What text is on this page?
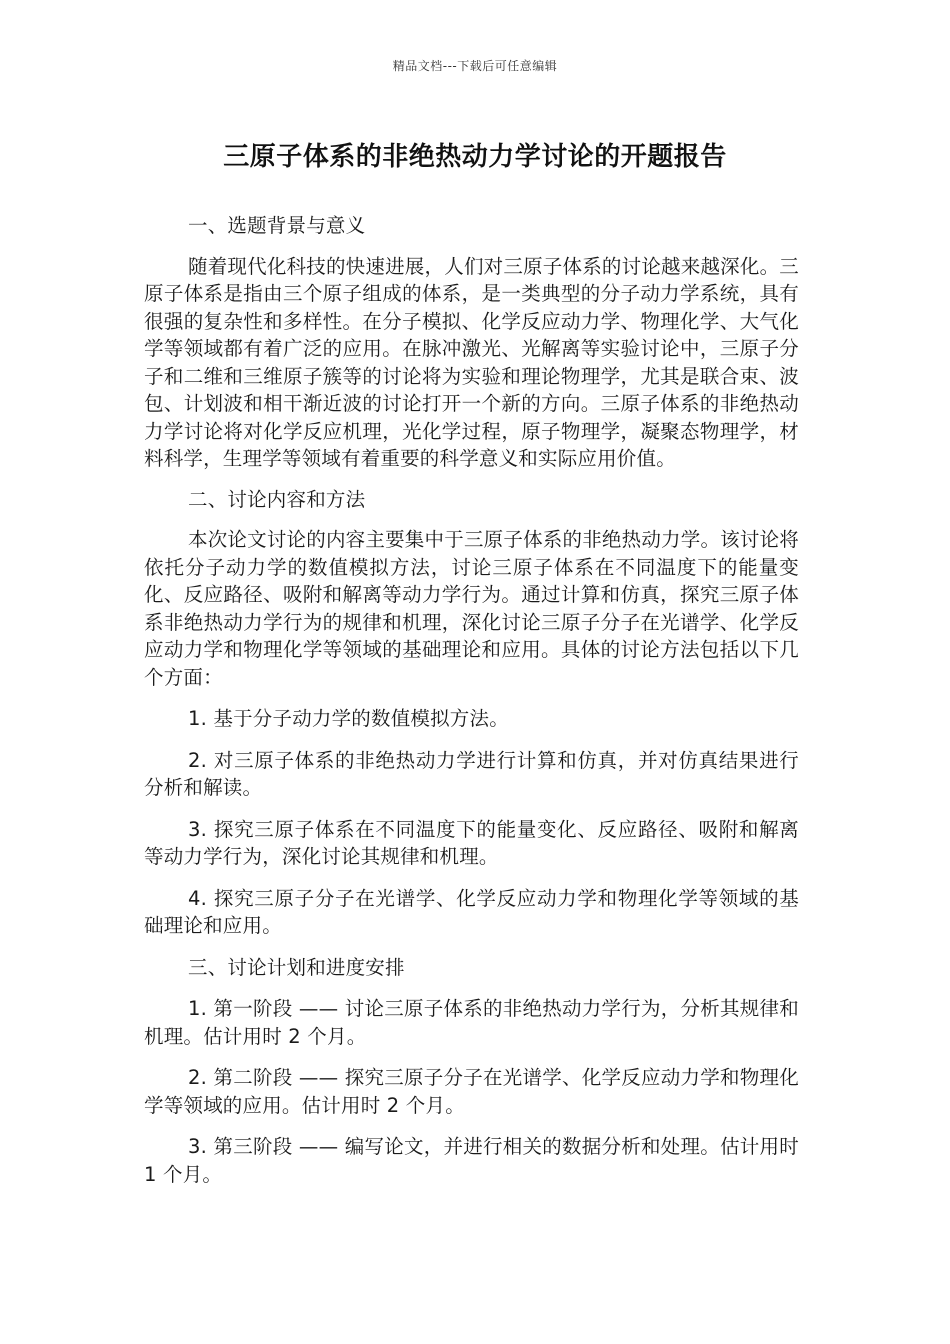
精品文档---下载后可任意编辑
三原子体系的非绝热动力学讨论的开题报告

一、选题背景与意义

随着现代化科技的快速进展，人们对三原子体系的讨论越来越深化。三原子体系是指由三个原子组成的体系，是一类典型的分子动力学系统，具有很强的复杂性和多样性。在分子模拟、化学反应动力学、物理化学、大气化学等领域都有着广泛的应用。在脉冲激光、光解离等实验讨论中，三原子分子和二维和三维原子簇等的讨论将为实验和理论物理学，尤其是联合束、波包、计划波和相干渐近波的讨论打开一个新的方向。三原子体系的非绝热动力学讨论将对化学反应机理，光化学过程，原子物理学，凝聚态物理学，材料科学，生理学等领域有着重要的科学意义和实际应用价值。

二、讨论内容和方法

本次论文讨论的内容主要集中于三原子体系的非绝热动力学。该讨论将依托分子动力学的数值模拟方法，讨论三原子体系在不同温度下的能量变化、反应路径、吸附和解离等动力学行为。通过计算和仿真，探究三原子体系非绝热动力学行为的规律和机理，深化讨论三原子分子在光谱学、化学反应动力学和物理化学等领域的基础理论和应用。具体的讨论方法包括以下几个方面：

1. 基于分子动力学的数值模拟方法。

2. 对三原子体系的非绝热动力学进行计算和仿真，并对仿真结果进行分析和解读。

3. 探究三原子体系在不同温度下的能量变化、反应路径、吸附和解离等动力学行为，深化讨论其规律和机理。

4. 探究三原子分子在光谱学、化学反应动力学和物理化学等领域的基础理论和应用。

三、讨论计划和进度安排

1. 第一阶段 —— 讨论三原子体系的非绝热动力学行为，分析其规律和机理。估计用时 2 个月。

2. 第二阶段 —— 探究三原子分子在光谱学、化学反应动力学和物理化学等领域的应用。估计用时 2 个月。

3. 第三阶段 —— 编写论文，并进行相关的数据分析和处理。估计用时 1 个月。
